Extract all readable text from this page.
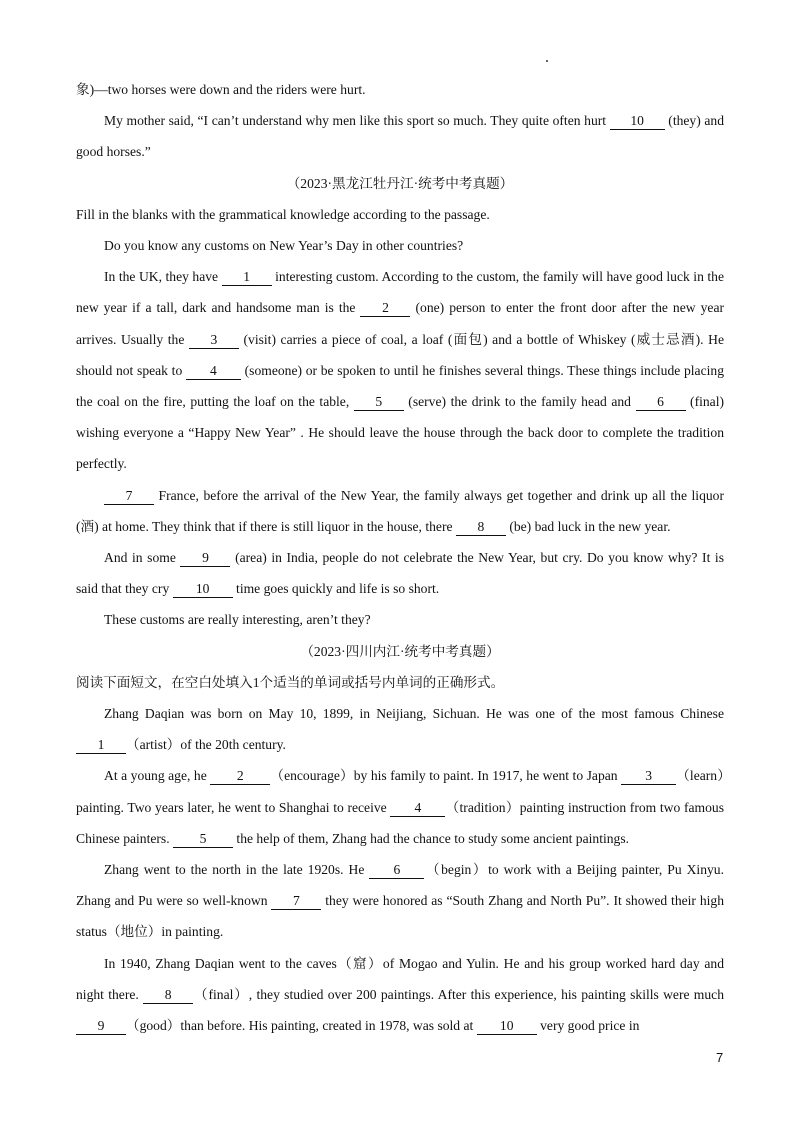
象)—two horses were down and the riders were hurt.

My mother said, “I can’t understand why men like this sport so much. They quite often hurt 10 (they) and good horses.”

（2023·黑龙江牡丹江·统考中考真题）

Fill in the blanks with the grammatical knowledge according to the passage.

Do you know any customs on New Year’s Day in other countries?

In the UK, they have 1 interesting custom. According to the custom, the family will have good luck in the new year if a tall, dark and handsome man is the 2 (one) person to enter the front door after the new year arrives. Usually the 3 (visit) carries a piece of coal, a loaf (面包) and a bottle of Whiskey (威士忌酒). He should not speak to 4 (someone) or be spoken to until he finishes several things. These things include placing the coal on the fire, putting the loaf on the table, 5 (serve) the drink to the family head and 6 (final) wishing everyone a “Happy New Year” . He should leave the house through the back door to complete the tradition perfectly.

7 France, before the arrival of the New Year, the family always get together and drink up all the liquor (酒) at home. They think that if there is still liquor in the house, there 8 (be) bad luck in the new year.

And in some 9 (area) in India, people do not celebrate the New Year, but cry. Do you know why? It is said that they cry 10 time goes quickly and life is so short.

These customs are really interesting, aren’t they?

（2023·四川内江·统考中考真题）

阅读下面短文，在空白处填入1个适当的单词或括号内单词的正确形式。

Zhang Daqian was born on May 10, 1899, in Neijiang, Sichuan. He was one of the most famous Chinese 1 （artist）of the 20th century.

At a young age, he 2 （encourage）by his family to paint. In 1917, he went to Japan 3 （learn）painting. Two years later, he went to Shanghai to receive 4 （tradition）painting instruction from two famous Chinese painters. 5 the help of them, Zhang had the chance to study some ancient paintings.

Zhang went to the north in the late 1920s. He 6 （begin）to work with a Beijing painter, Pu Xinyu. Zhang and Pu were so well-known 7 they were honored as “South Zhang and North Pu”. It showed their high status（地位）in painting.

In 1940, Zhang Daqian went to the caves（窟）of Mogao and Yulin. He and his group worked hard day and night there. 8 （final）, they studied over 200 paintings. After this experience, his painting skills were much 9 （good）than before. His painting, created in 1978, was sold at 10 very good price in

7
